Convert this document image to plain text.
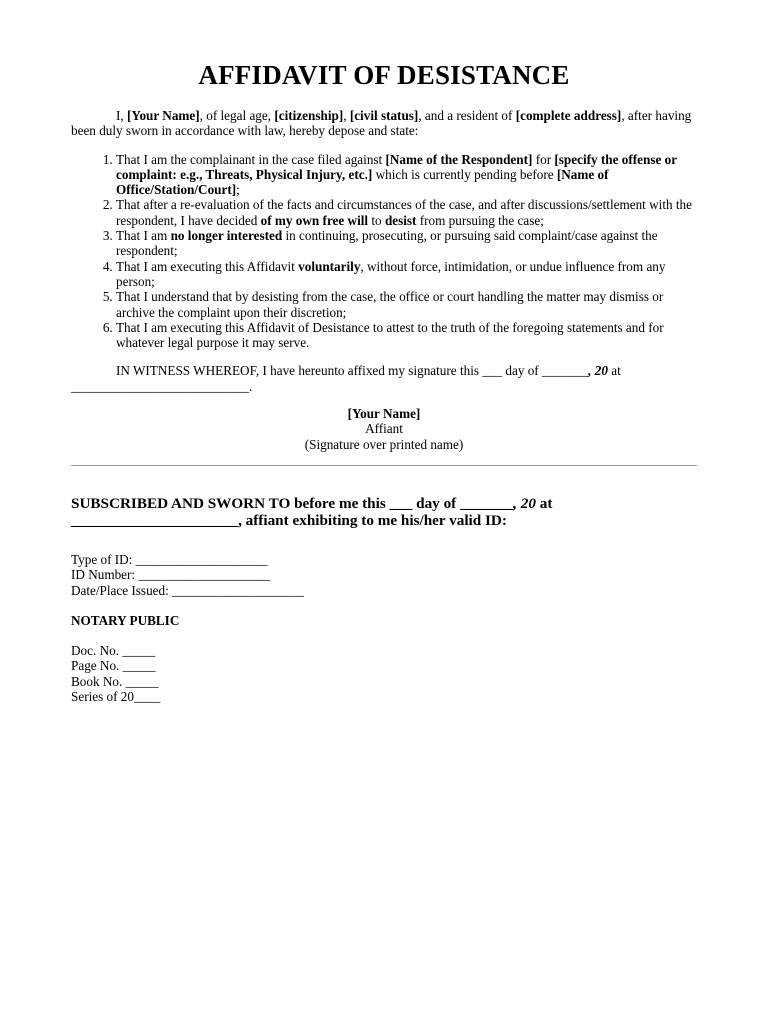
AFFIDAVIT OF DESISTANCE

I, [Your Name], of legal age, [citizenship], [civil status], and a resident of [complete address], after having been duly sworn in accordance with law, hereby depose and state:

1. That I am the complainant in the case filed against [Name of the Respondent] for [specify the offense or complaint: e.g., Threats, Physical Injury, etc.] which is currently pending before [Name of Office/Station/Court];
2. That after a re-evaluation of the facts and circumstances of the case, and after discussions/settlement with the respondent, I have decided of my own free will to desist from pursuing the case;
3. That I am no longer interested in continuing, prosecuting, or pursuing said complaint/case against the respondent;
4. That I am executing this Affidavit voluntarily, without force, intimidation, or undue influence from any person;
5. That I understand that by desisting from the case, the office or court handling the matter may dismiss or archive the complaint upon their discretion;
6. That I am executing this Affidavit of Desistance to attest to the truth of the foregoing statements and for whatever legal purpose it may serve.

IN WITNESS WHEREOF, I have hereunto affixed my signature this ___ day of _______, 20 at ___________________________.

[Your Name]
Affiant
(Signature over printed name)

SUBSCRIBED AND SWORN TO before me this ___ day of _______, 20 at ______________________, affiant exhibiting to me his/her valid ID:

Type of ID: ____________________
ID Number: ____________________
Date/Place Issued: ____________________
NOTARY PUBLIC
Doc. No. _____
Page No. _____
Book No. _____
Series of 20____
